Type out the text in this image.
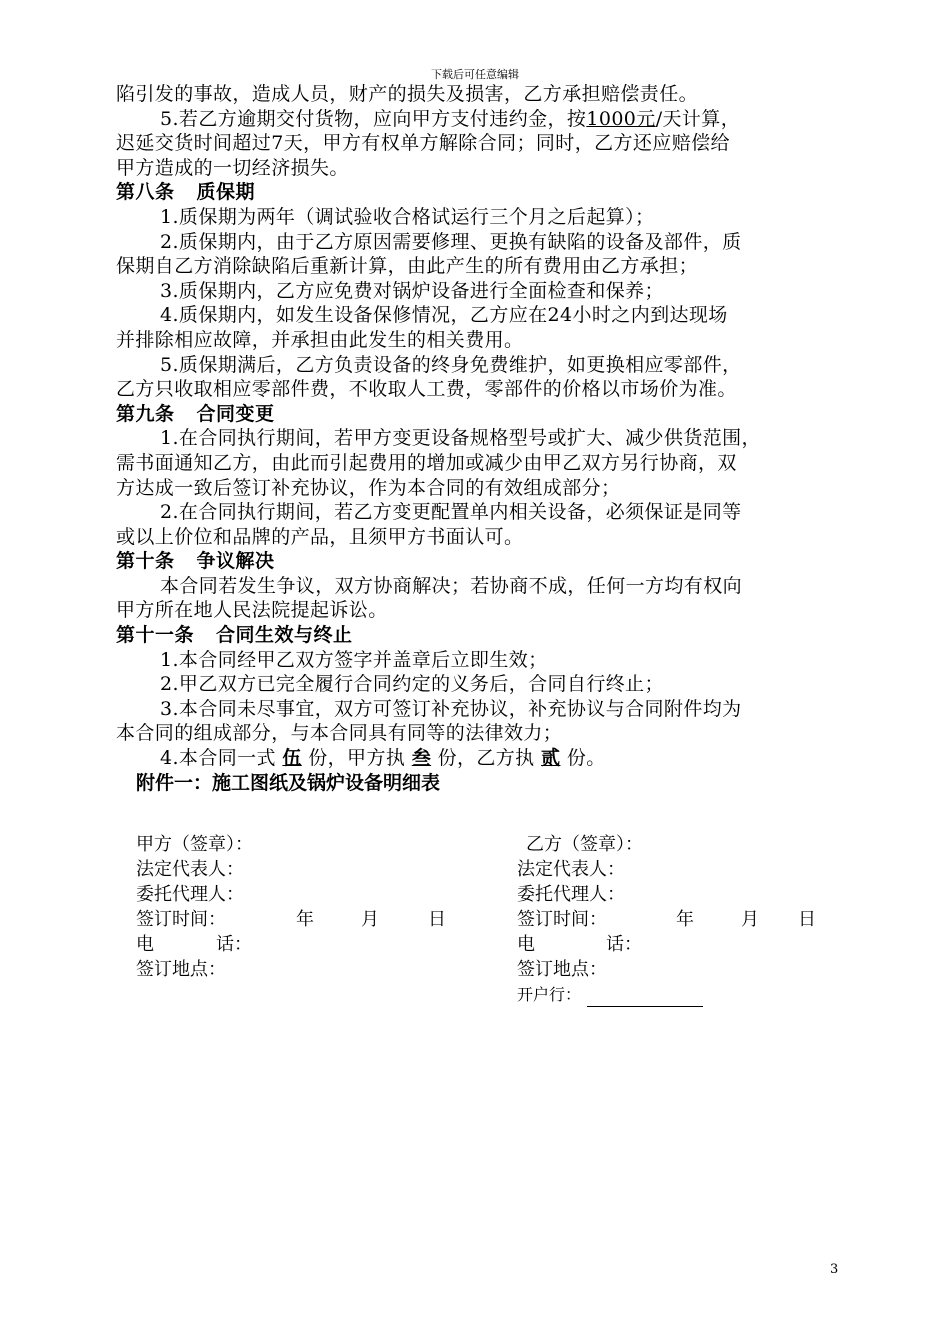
下载后可任意编辑
陷引发的事故，造成人员，财产的损失及损害，乙方承担赔偿责任。
5.若乙方逾期交付货物，应向甲方支付违约金，按1000元/天计算，
迟延交货时间超过7天，甲方有权单方解除合同；同时，乙方还应赔偿给
甲方造成的一切经济损失。
第八条 质保期
1.质保期为两年（调试验收合格试运行三个月之后起算）；
2.质保期内，由于乙方原因需要修理、更换有缺陷的设备及部件，质
保期自乙方消除缺陷后重新计算，由此产生的所有费用由乙方承担；
3.质保期内，乙方应免费对锅炉设备进行全面检查和保养；
4.质保期内，如发生设备保修情况，乙方应在24小时之内到达现场
并排除相应故障，并承担由此发生的相关费用。
5.质保期满后，乙方负责设备的终身免费维护，如更换相应零部件，
乙方只收取相应零部件费，不收取人工费，零部件的价格以市场价为准。
第九条 合同变更
1.在合同执行期间，若甲方变更设备规格型号或扩大、减少供货范围，
需书面通知乙方，由此而引起费用的增加或减少由甲乙双方另行协商，双
方达成一致后签订补充协议，作为本合同的有效组成部分；
2.在合同执行期间，若乙方变更配置单内相关设备，必须保证是同等
或以上价位和品牌的产品，且须甲方书面认可。
第十条 争议解决
本合同若发生争议，双方协商解决；若协商不成，任何一方均有权向
甲方所在地人民法院提起诉讼。
第十一条 合同生效与终止
1.本合同经甲乙双方签字并盖章后立即生效；
2.甲乙双方已完全履行合同约定的义务后，合同自行终止；
3.本合同未尽事宜，双方可签订补充协议，补充协议与合同附件均为
本合同的组成部分，与本合同具有同等的法律效力；
4.本合同一式 伍 份，甲方执 叁 份，乙方执 贰 份。
附件一：施工图纸及锅炉设备明细表
甲方（签章）：	乙方（签章）：
法定代表人：	法定代表人：
委托代理人：	委托代理人：
签订时间：	年	月	日	签订时间：	年	月 日
电	话：	电	话：
签订地点：	签订地点：
开户行：
3
